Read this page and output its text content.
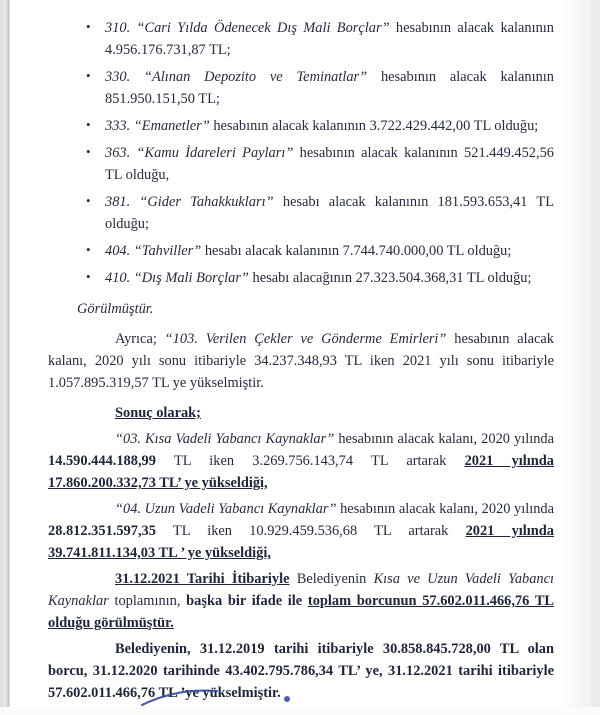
• 310. “Cari Yılda Ödenecek Dış Mali Borçlar” hesabının alacak kalanının 4.956.176.731,87 TL;
• 330. “Alınan Depozito ve Teminatlar” hesabının alacak kalanının 851.950.151,50 TL;
• 333. “Emanetler” hesabının alacak kalanının 3.722.429.442,00 TL olduğu;
• 363. “Kamu İdareleri Payları” hesabının alacak kalanının 521.449.452,56 TL olduğu,
• 381. “Gider Tahakkukları” hesabı alacak kalanının 181.593.653,41 TL olduğu;
• 404. “Tahviller” hesabı alacak kalanının 7.744.740.000,00 TL olduğu;
• 410. “Dış Mali Borçlar” hesabı alacağının 27.323.504.368,31 TL olduğu;

Görülmüştür.

Ayrıca; “103. Verilen Çekler ve Gönderme Emirleri” hesabının alacak kalanı, 2020 yılı sonu itibariyle 34.237.348,93 TL iken 2021 yılı sonu itibariyle 1.057.895.319,57 TL ye yükselmiştir.

Sonuç olarak;

“03. Kısa Vadeli Yabancı Kaynaklar” hesabının alacak kalanı, 2020 yılında 14.590.444.188,99 TL iken 3.269.756.143,74 TL artarak 2021 yılında 17.860.200.332,73 TL’ ye yükseldiği,

“04. Uzun Vadeli Yabancı Kaynaklar” hesabının alacak kalanı, 2020 yılında 28.812.351.597,35 TL iken 10.929.459.536,68 TL artarak 2021 yılında 39.741.811.134,03 TL ’ ye yükseldiği,

31.12.2021 Tarihi İtibariyle Belediyenin Kısa ve Uzun Vadeli Yabancı Kaynaklar toplamının, başka bir ifade ile toplam borcunun 57.602.011.466,76 TL olduğu görülmüştür.

Belediyenin, 31.12.2019 tarihi itibariyle 30.858.845.728,00 TL olan borcu, 31.12.2020 tarihinde 43.402.795.786,34 TL’ ye, 31.12.2021 tarihi itibariyle 57.602.011.466,76 TL ’ye yükselmiştir.
